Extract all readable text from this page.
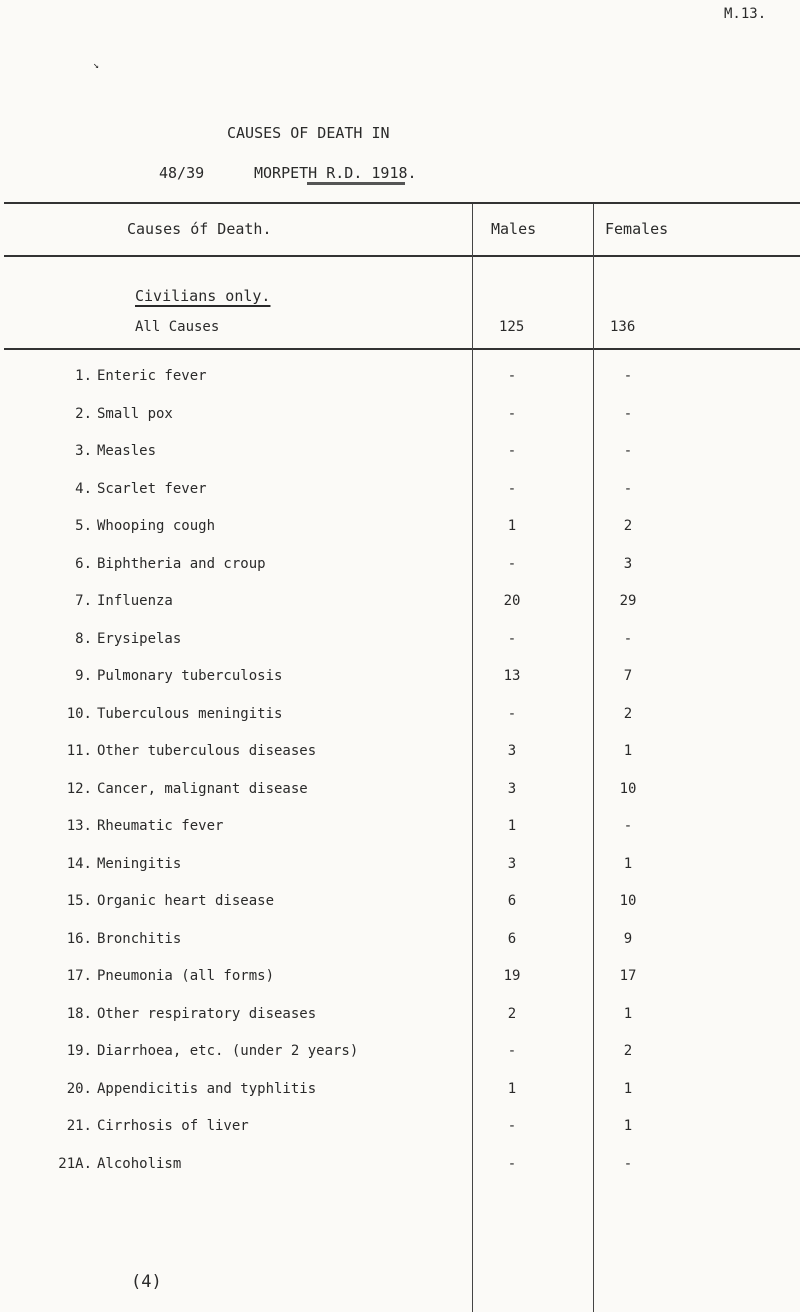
M.13.
↘
CAUSES OF DEATH IN
48/39	MORPETH R.D. 1918.
Causes óf Death.	Males	Females
Civilians only.
All Causes	125	136
1. Enteric fever	-	-
2. Small pox	-	-
3. Measles	-	-
4. Scarlet fever	-	-
5. Whooping cough	1	2
6. Biphtheria and croup	-	3
7. Influenza	20	29
8. Erysipelas	-	-
9. Pulmonary tuberculosis	13	7
10. Tuberculous meningitis	-	2
11. Other tuberculous diseases	3	1
12. Cancer, malignant disease	3	10
13. Rheumatic fever	1	-
14. Meningitis	3	1
15. Organic heart disease	6	10
16. Bronchitis	6	9
17. Pneumonia (all forms)	19	17
18. Other respiratory diseases	2	1
19. Diarrhoea, etc. (under 2 years)	-	2
20. Appendicitis and typhlitis	1	1
21. Cirrhosis of liver	-	1
21A. Alcoholism	-	-
(4)
